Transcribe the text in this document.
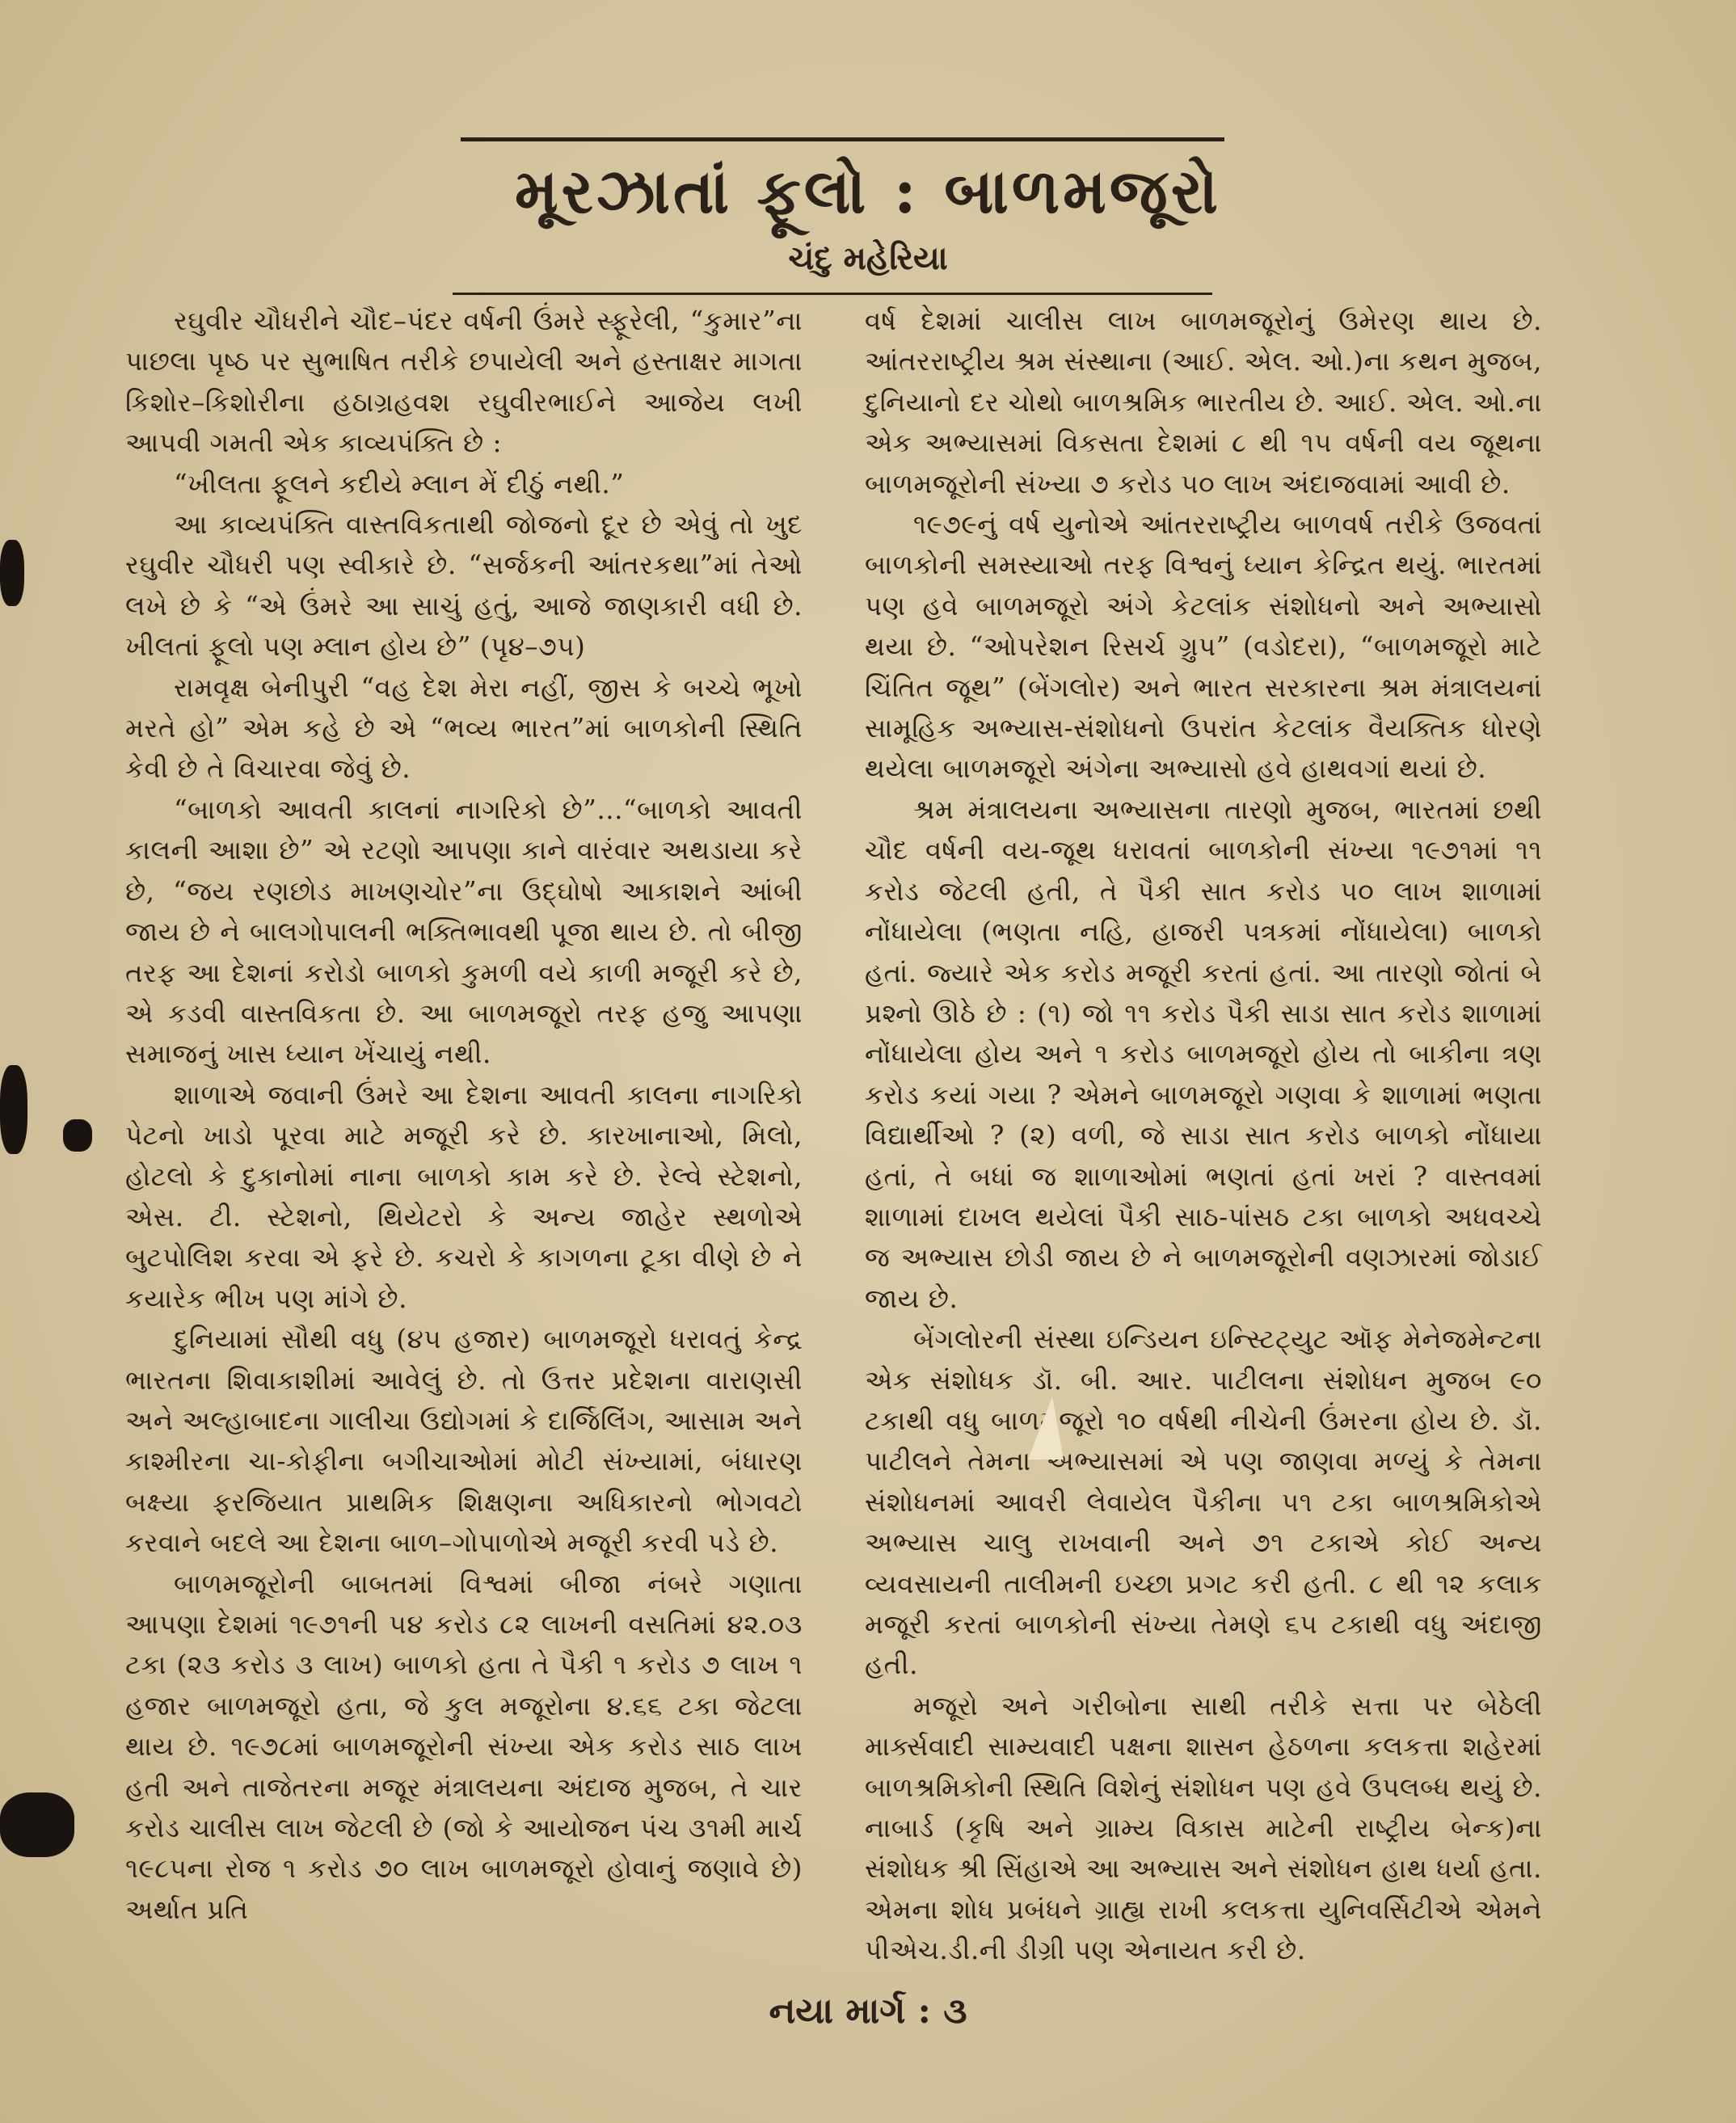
મૂરઝાતાં ફૂલો : બાળમજૂરો
ચંદુ મહેરિયા

રઘુવીર ચૌધરીને ચૌદ–પંદર વર્ષની ઉંમરે સ્ફૂરેલી, “કુમાર”ના પાછલા પૃષ્ઠ પર સુભાષિત તરીકે છપાયેલી અને હસ્તાક્ષર માગતા કિશોર–કિશોરીના હઠાગ્રહવશ રઘુવીરભાઈને આજેય લખી આપવી ગમતી એક કાવ્યપંક્તિ છે :

“ખીલતા ફૂલને કદીયે મ્લાન મેં દીઠું નથી.”

આ કાવ્યપંક્તિ વાસ્તવિકતાથી જોજનો દૂર છે એવું તો ખુદ રઘુવીર ચૌધરી પણ સ્વીકારે છે. “સર્જકની આંતરકથા”માં તેઓ લખે છે કે “એ ઉંમરે આ સાચું હતું, આજે જાણકારી વધી છે. ખીલતાં ફૂલો પણ મ્લાન હોય છે” (પૃ૪–૭૫)

રામવૃક્ષ બેનીપુરી “વહ દેશ મેરા નહીં, જીસ કે બચ્ચે ભૂખો મરતે હો” એમ કહે છે એ “ભવ્ય ભારત”માં બાળકોની સ્થિતિ કેવી છે તે વિચારવા જેવું છે.

“બાળકો આવતી કાલનાં નાગરિકો છે”...“બાળકો આવતી કાલની આશા છે” એ રટણો આપણા કાને વારંવાર અથડાયા કરે છે, “જય રણછોડ માખણચોર”ના ઉદ્ઘોષો આકાશને આંબી જાય છે ને બાલગોપાલની ભક્તિભાવથી પૂજા થાય છે. તો બીજી તરફ આ દેશનાં કરોડો બાળકો કુમળી વયે કાળી મજૂરી કરે છે, એ કડવી વાસ્તવિકતા છે. આ બાળમજૂરો તરફ હજુ આપણા સમાજનું ખાસ ધ્યાન ખેંચાયું નથી.

શાળાએ જવાની ઉંમરે આ દેશના આવતી કાલના નાગરિકો પેટનો ખાડો પૂરવા માટે મજૂરી કરે છે. કારખાનાઓ, મિલો, હોટલો કે દુકાનોમાં નાના બાળકો કામ કરે છે. રેલ્વે સ્ટેશનો, એસ. ટી. સ્ટેશનો, થિયેટરો કે અન્ય જાહેર સ્થળોએ બુટપોલિશ કરવા એ ફરે છે. કચરો કે કાગળના ટૂકા વીણે છે ને કયારેક ભીખ પણ માંગે છે.

દુનિયામાં સૌથી વધુ (૪૫ હજાર) બાળમજૂરો ધરાવતું કેન્દ્ર ભારતના શિવાકાશીમાં આવેલું છે. તો ઉત્તર પ્રદેશના વારાણસી અને અલ્હાબાદના ગાલીચા ઉદ્યોગમાં કે દાર્જિલિંગ, આસામ અને કાશ્મીરના ચા-કોફીના બગીચાઓમાં મોટી સંખ્યામાં, બંધારણ બક્ષ્યા ફરજિયાત પ્રાથમિક શિક્ષણના અધિકારનો ભોગવટો કરવાને બદલે આ દેશના બાળ–ગોપાળોએ મજૂરી કરવી પડે છે.

બાળમજૂરોની બાબતમાં વિશ્વમાં બીજા નંબરે ગણાતા આપણા દેશમાં ૧૯૭૧ની ૫૪ કરોડ ૮૨ લાખની વસતિમાં ૪૨.૦૩ ટકા (૨૩ કરોડ ૩ લાખ) બાળકો હતા તે પૈકી ૧ કરોડ ૭ લાખ ૧ હજાર બાળમજૂરો હતા, જે કુલ મજૂરોના ૪.૬૬ ટકા જેટલા થાય છે. ૧૯૭૮માં બાળમજૂરોની સંખ્યા એક કરોડ સાઠ લાખ હતી અને તાજેતરના મજૂર મંત્રાલયના અંદાજ મુજબ, તે ચાર કરોડ ચાલીસ લાખ જેટલી છે (જો કે આયોજન પંચ ૩૧મી માર્ચ ૧૯૮૫ના રોજ ૧ કરોડ ૭૦ લાખ બાળમજૂરો હોવાનું જણાવે છે) અર્થાત પ્રતિ

વર્ષ દેશમાં ચાલીસ લાખ બાળમજૂરોનું ઉમેરણ થાય છે. આંતરરાષ્ટ્રીય શ્રમ સંસ્થાના (આઈ. એલ. ઓ.)ના કથન મુજબ, દુનિયાનો દર ચોથો બાળશ્રમિક ભારતીય છે. આઈ. એલ. ઓ.ના એક અભ્યાસમાં વિકસતા દેશમાં ૮ થી ૧૫ વર્ષની વય જૂથના બાળમજૂરોની સંખ્યા ૭ કરોડ ૫૦ લાખ અંદાજવામાં આવી છે.

૧૯૭૯નું વર્ષ યુનોએ આંતરરાષ્ટ્રીય બાળવર્ષ તરીકે ઉજવતાં બાળકોની સમસ્યાઓ તરફ વિશ્વનું ધ્યાન કેન્દ્રિત થયું. ભારતમાં પણ હવે બાળમજૂરો અંગે કેટલાંક સંશોધનો અને અભ્યાસો થયા છે. “ઓપરેશન રિસર્ચ ગ્રુપ” (વડોદરા), “બાળમજૂરો માટે ચિંતિત જૂથ” (બેંગલોર) અને ભારત સરકારના શ્રમ મંત્રાલયનાં સામૂહિક અભ્યાસ-સંશોધનો ઉપરાંત કેટલાંક વૈયક્તિક ધોરણે થયેલા બાળમજૂરો અંગેના અભ્યાસો હવે હાથવગાં થયાં છે.

શ્રમ મંત્રાલયના અભ્યાસના તારણો મુજબ, ભારતમાં છથી ચૌદ વર્ષની વય-જૂથ ધરાવતાં બાળકોની સંખ્યા ૧૯૭૧માં ૧૧ કરોડ જેટલી હતી, તે પૈકી સાત કરોડ ૫૦ લાખ શાળામાં નોંધાયેલા (ભણતા નહિ, હાજરી પત્રકમાં નોંધાયેલા) બાળકો હતાં. જ્યારે એક કરોડ મજૂરી કરતાં હતાં. આ તારણો જોતાં બે પ્રશ્નો ઊઠે છે : (૧) જો ૧૧ કરોડ પૈકી સાડા સાત કરોડ શાળામાં નોંધાયેલા હોય અને ૧ કરોડ બાળમજૂરો હોય તો બાકીના ત્રણ કરોડ કયાં ગયા ? એમને બાળમજૂરો ગણવા કે શાળામાં ભણતા વિદ્યાર્થીઓ ? (૨) વળી, જે સાડા સાત કરોડ બાળકો નોંધાયા હતાં, તે બધાં જ શાળાઓમાં ભણતાં હતાં ખરાં ? વાસ્તવમાં શાળામાં દાખલ થયેલાં પૈકી સાઠ-પાંસઠ ટકા બાળકો અધવચ્ચે જ અભ્યાસ છોડી જાય છે ને બાળમજૂરોની વણઝારમાં જોડાઈ જાય છે.

બેંગલોરની સંસ્થા ઇન્ડિયન ઇન્સ્ટિટ્યુટ ઑફ મેનેજમેન્ટના એક સંશોધક ડૉ. બી. આર. પાટીલના સંશોધન મુજબ ૯૦ ટકાથી વધુ બાળમજૂરો ૧૦ વર્ષથી નીચેની ઉંમરના હોય છે. ડૉ. પાટીલને તેમના અભ્યાસમાં એ પણ જાણવા મળ્યું કે તેમના સંશોધનમાં આવરી લેવાયેલ પૈકીના ૫૧ ટકા બાળશ્રમિકોએ અભ્યાસ ચાલુ રાખવાની અને ૭૧ ટકાએ કોઈ અન્ય વ્યવસાયની તાલીમની ઇચ્છા પ્રગટ કરી હતી. ૮ થી ૧૨ કલાક મજૂરી કરતાં બાળકોની સંખ્યા તેમણે ૬૫ ટકાથી વધુ અંદાજી હતી.

મજૂરો અને ગરીબોના સાથી તરીકે સત્તા પર બેઠેલી માર્ક્સવાદી સામ્યવાદી પક્ષના શાસન હેઠળના કલકત્તા શહેરમાં બાળશ્રમિકોની સ્થિતિ વિશેનું સંશોધન પણ હવે ઉપલબ્ધ થયું છે. નાબાર્ડ (કૃષિ અને ગ્રામ્ય વિકાસ માટેની રાષ્ટ્રીય બેન્ક)ના સંશોધક શ્રી સિંહાએ આ અભ્યાસ અને સંશોધન હાથ ધર્યા હતા. એમના શોધ પ્રબંધને ગ્રાહ્ય રાખી કલકત્તા યુનિવર્સિટીએ એમને પીએચ.ડી.ની ડીગ્રી પણ એનાયત કરી છે.

નયા માર્ગ : ૩
